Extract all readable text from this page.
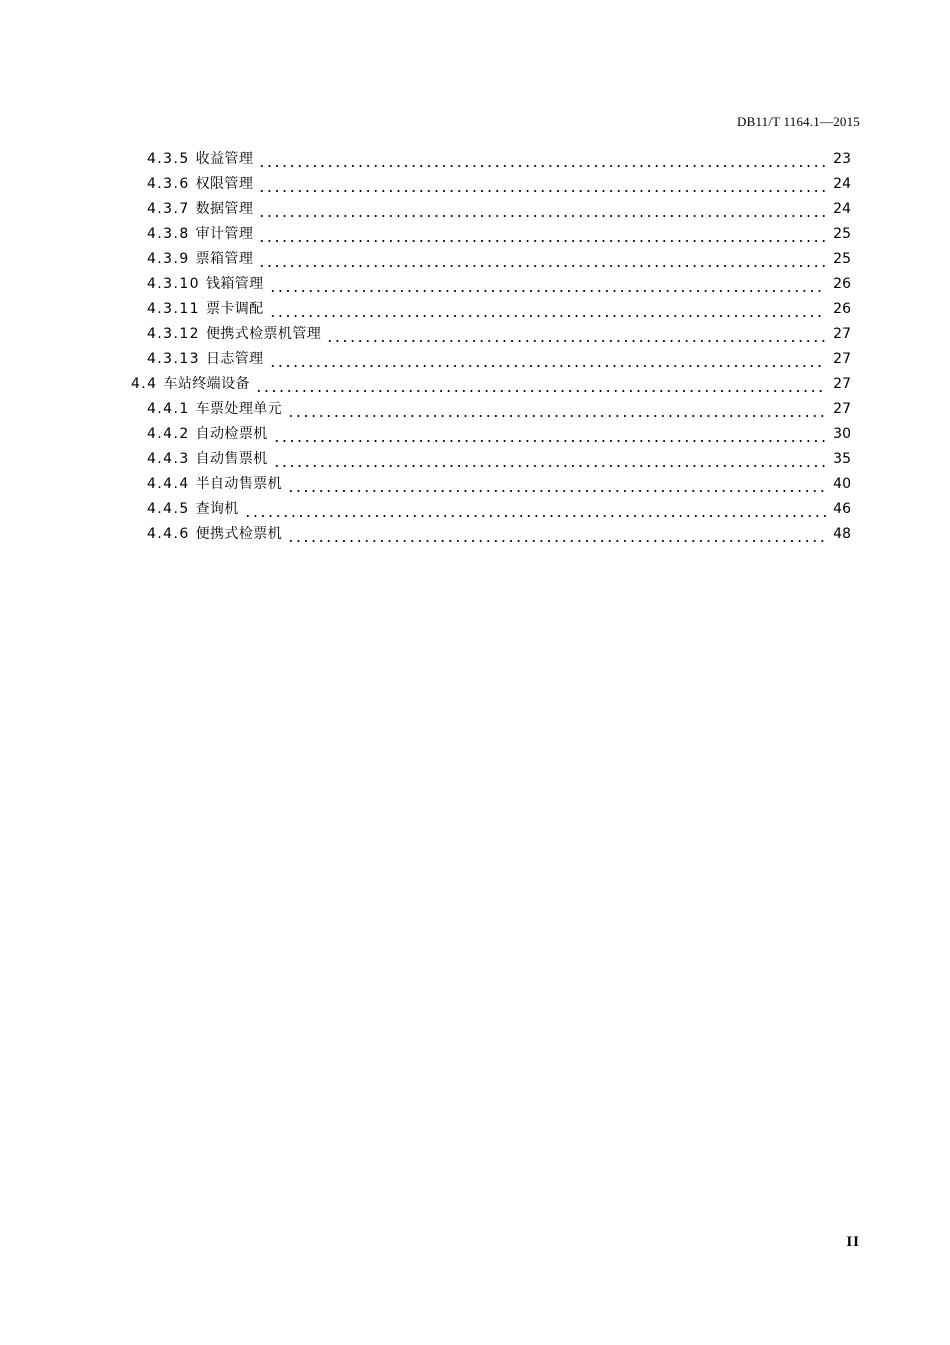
DB11/T 1164.1—2015
4.3.5 收益管理	23
4.3.6 权限管理	24
4.3.7 数据管理	24
4.3.8 审计管理	25
4.3.9 票箱管理	25
4.3.10 钱箱管理	26
4.3.11 票卡调配	26
4.3.12 便携式检票机管理	27
4.3.13 日志管理	27
4.4 车站终端设备	27
4.4.1 车票处理单元	27
4.4.2 自动检票机	30
4.4.3 自动售票机	35
4.4.4 半自动售票机	40
4.4.5 查询机	46
4.4.6 便携式检票机	48
II
